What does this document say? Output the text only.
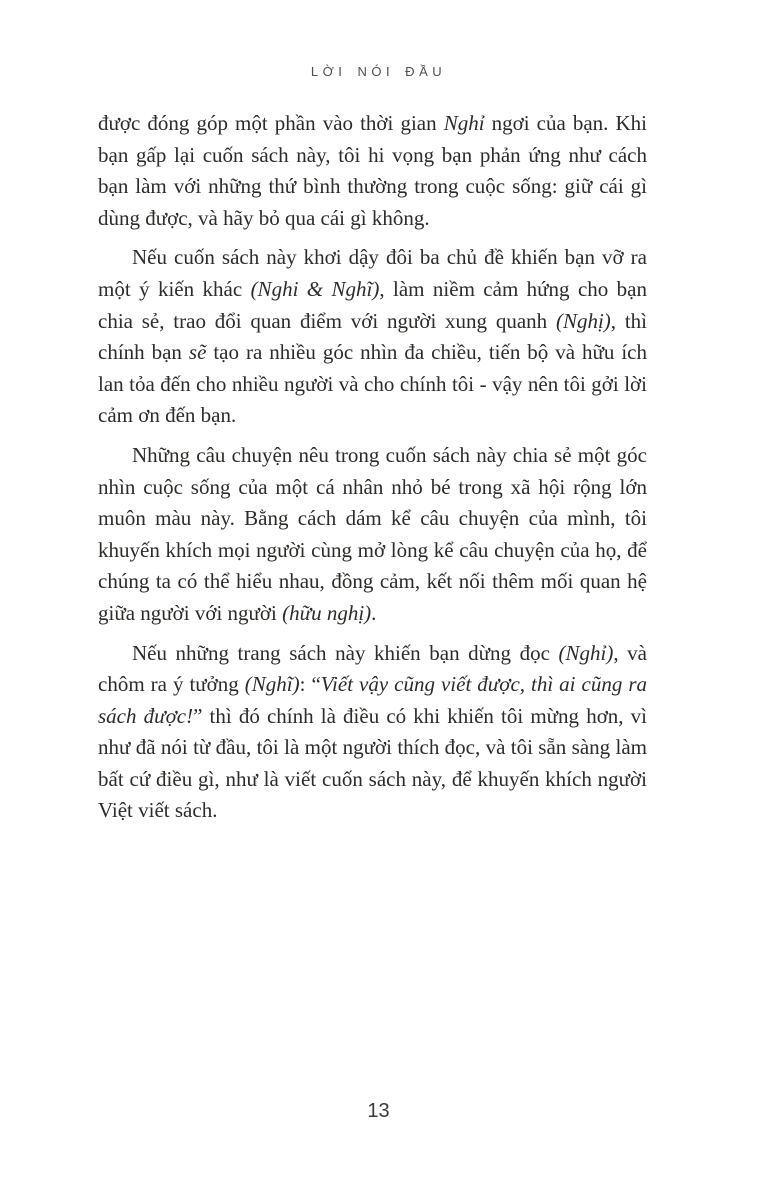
LỜI NÓI ĐẦU

được đóng góp một phần vào thời gian Nghỉ ngơi của bạn. Khi bạn gấp lại cuốn sách này, tôi hi vọng bạn phản ứng như cách bạn làm với những thứ bình thường trong cuộc sống: giữ cái gì dùng được, và hãy bỏ qua cái gì không.

Nếu cuốn sách này khơi dậy đôi ba chủ đề khiến bạn vỡ ra một ý kiến khác (Nghi & Nghĩ), làm niềm cảm hứng cho bạn chia sẻ, trao đổi quan điểm với người xung quanh (Nghị), thì chính bạn sẽ tạo ra nhiều góc nhìn đa chiều, tiến bộ và hữu ích lan tỏa đến cho nhiều người và cho chính tôi - vậy nên tôi gởi lời cảm ơn đến bạn.

Những câu chuyện nêu trong cuốn sách này chia sẻ một góc nhìn cuộc sống của một cá nhân nhỏ bé trong xã hội rộng lớn muôn màu này. Bằng cách dám kể câu chuyện của mình, tôi khuyến khích mọi người cùng mở lòng kể câu chuyện của họ, để chúng ta có thể hiểu nhau, đồng cảm, kết nối thêm mối quan hệ giữa người với người (hữu nghị).

Nếu những trang sách này khiến bạn dừng đọc (Nghỉ), và chôm ra ý tưởng (Nghĩ): “Viết vậy cũng viết được, thì ai cũng ra sách được!” thì đó chính là điều có khi khiến tôi mừng hơn, vì như đã nói từ đầu, tôi là một người thích đọc, và tôi sẵn sàng làm bất cứ điều gì, như là viết cuốn sách này, để khuyến khích người Việt viết sách.

13
